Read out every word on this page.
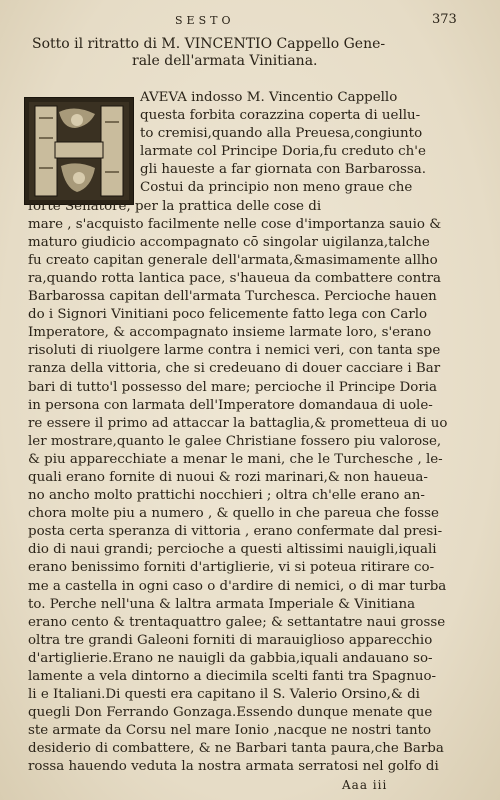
SESTO	373
Sotto il ritratto di M. VINCENTIO Cappello Gene-
rale dell'armata Vinitiana.
AVEVA indosso M. Vincentio Cappello
questa forbita corazzina coperta di uellu-
to cremisi,quando alla Preuesa,congiunto
larmate col Principe Doria,fu creduto ch'e
gli haueste a far giornata con Barbarossa.
Costui da principio non meno graue che
forte Senatore, per la prattica delle cose di
mare , s'acquisto facilmente nelle cose d'importanza sauio &
maturo giudicio accompagnato cō singolar uigilanza,talche
fu creato capitan generale dell'armata,&masimamente allho
ra,quando rotta lantica pace, s'haueua da combattere contra
Barbarossa capitan dell'armata Turchesca. Percioche hauen
do i Signori Vinitiani poco felicemente fatto lega con Carlo
Imperatore, & accompagnato insieme larmate loro, s'erano
risoluti di riuolgere larme contra i nemici veri, con tanta spe
ranza della vittoria, che si credeuano di douer cacciare i Bar
bari di tutto'l possesso del mare; percioche il Principe Doria
in persona con larmata dell'Imperatore domandaua di uole-
re essere il primo ad attaccar la battaglia,& prometteua di uo
ler mostrare,quanto le galee Christiane fossero piu valorose,
& piu apparecchiate a menar le mani, che le Turchesche , le-
quali erano fornite di nuoui & rozi marinari,& non haueua-
no ancho molto prattichi nocchieri ; oltra ch'elle erano an-
chora molte piu a numero , & quello in che pareua che fosse
posta certa speranza di vittoria , erano confermate dal presi-
dio di naui grandi; percioche a questi altissimi nauigli,iquali
erano benissimo forniti d'artiglierie, vi si poteua ritirare co-
me a castella in ogni caso o d'ardire di nemici, o di mar turba
to. Perche nell'una & laltra armata Imperiale & Vinitiana
erano cento & trentaquattro galee; & settantatre naui grosse
oltra tre grandi Galeoni forniti di marauiglioso apparecchio
d'artiglierie.Erano ne nauigli da gabbia,iquali andauano so-
lamente a vela dintorno a diecimila scelti fanti tra Spagnuo-
li e Italiani.Di questi era capitano il S. Valerio Orsino,& di
quegli Don Ferrando Gonzaga.Essendo dunque menate que
ste armate da Corsu nel mare Ionio ,nacque ne nostri tanto
desiderio di combattere, & ne Barbari tanta paura,che Barba
rossa hauendo veduta la nostra armata serratosi nel golfo di
Aaa iii
